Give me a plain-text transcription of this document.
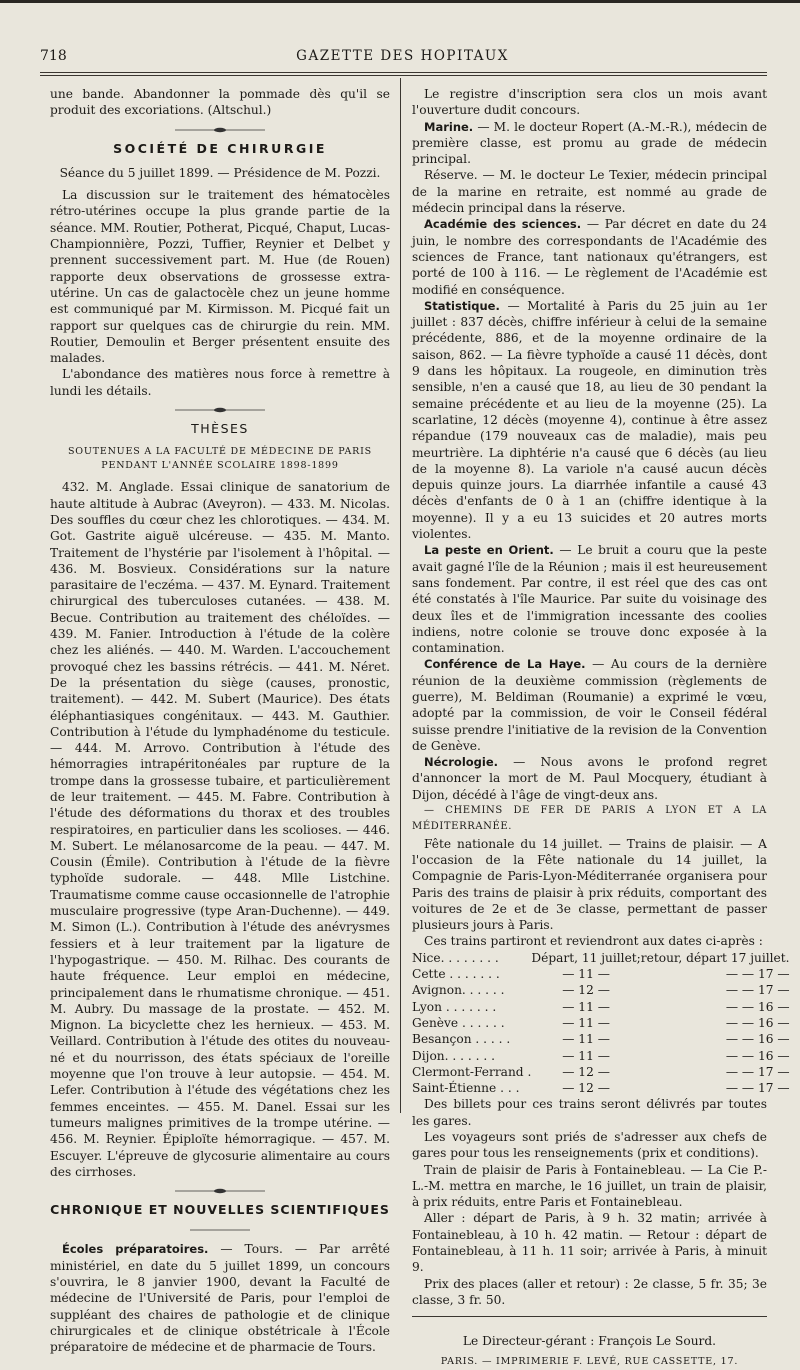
718	GAZETTE DES HOPITAUX

une bande. Abandonner la pommade dès qu'il se produit des excoriations. (Altschul.)

SOCIÉTÉ DE CHIRURGIE
Séance du 5 juillet 1899. — Présidence de M. Pozzi.

La discussion sur le traitement des hématocèles rétro-utérines occupe la plus grande partie de la séance. MM. Routier, Potherat, Picqué, Chaput, Lucas-Championnière, Pozzi, Tuffier, Reynier et Delbet y prennent successivement part. M. Hue (de Rouen) rapporte deux observations de grossesse extra-utérine. Un cas de galactocèle chez un jeune homme est communiqué par M. Kirmisson. M. Picqué fait un rapport sur quelques cas de chirurgie du rein. MM. Routier, Demoulin et Berger présentent ensuite des malades.

L'abondance des matières nous force à remettre à lundi les détails.

THÈSES
SOUTENUES A LA FACULTÉ DE MÉDECINE DE PARIS
PENDANT L'ANNÉE SCOLAIRE 1898-1899

432. M. Anglade. Essai clinique de sanatorium de haute altitude à Aubrac (Aveyron). — 433. M. Nicolas. Des souffles du cœur chez les chlorotiques. — 434. M. Got. Gastrite aiguë ulcéreuse. — 435. M. Manto. Traitement de l'hystérie par l'isolement à l'hôpital. — 436. M. Bosvieux. Considérations sur la nature parasitaire de l'eczéma. — 437. M. Eynard. Traitement chirurgical des tuberculoses cutanées. — 438. M. Becue. Contribution au traitement des chéloïdes. — 439. M. Fanier. Introduction à l'étude de la colère chez les aliénés. — 440. M. Warden. L'accouchement provoqué chez les bassins rétrécis. — 441. M. Néret. De la présentation du siège (causes, pronostic, traitement). — 442. M. Subert (Maurice). Des états éléphantiasiques congénitaux. — 443. M. Gauthier. Contribution à l'étude du lymphadénome du testicule. — 444. M. Arrovo. Contribution à l'étude des hémorragies intrapéritonéales par rupture de la trompe dans la grossesse tubaire, et particulièrement de leur traitement. — 445. M. Fabre. Contribution à l'étude des déformations du thorax et des troubles respiratoires, en particulier dans les scolioses. — 446. M. Subert. Le mélanosarcome de la peau. — 447. M. Cousin (Émile). Contribution à l'étude de la fièvre typhoïde sudorale. — 448. Mlle Listchine. Traumatisme comme cause occasionnelle de l'atrophie musculaire progressive (type Aran-Duchenne). — 449. M. Simon (L.). Contribution à l'étude des anévrysmes fessiers et à leur traitement par la ligature de l'hypogastrique. — 450. M. Rilhac. Des courants de haute fréquence. Leur emploi en médecine, principalement dans le rhumatisme chronique. — 451. M. Aubry. Du massage de la prostate. — 452. M. Mignon. La bicyclette chez les hernieux. — 453. M. Veillard. Contribution à l'étude des otites du nouveau-né et du nourrisson, des états spéciaux de l'oreille moyenne que l'on trouve à leur autopsie. — 454. M. Lefer. Contribution à l'étude des végétations chez les femmes enceintes. — 455. M. Danel. Essai sur les tumeurs malignes primitives de la trompe utérine. — 456. M. Reynier. Épiploïte hémorragique. — 457. M. Escuyer. L'épreuve de glycosurie alimentaire au cours des cirrhoses.

CHRONIQUE ET NOUVELLES SCIENTIFIQUES

Écoles préparatoires. — Tours. — Par arrêté ministériel, en date du 5 juillet 1899, un concours s'ouvrira, le 8 janvier 1900, devant la Faculté de médecine de l'Université de Paris, pour l'emploi de suppléant des chaires de pathologie et de clinique chirurgicales et de clinique obstétricale à l'École préparatoire de médecine et de pharmacie de Tours.

Le registre d'inscription sera clos un mois avant l'ouverture dudit concours.

Marine. — M. le docteur Ropert (A.-M.-R.), médecin de première classe, est promu au grade de médecin principal.

Réserve. — M. le docteur Le Texier, médecin principal de la marine en retraite, est nommé au grade de médecin principal dans la réserve.

Académie des sciences. — Par décret en date du 24 juin, le nombre des correspondants de l'Académie des sciences de France, tant nationaux qu'étrangers, est porté de 100 à 116. — Le règlement de l'Académie est modifié en conséquence.

Statistique. — Mortalité à Paris du 25 juin au 1er juillet : 837 décès, chiffre inférieur à celui de la semaine précédente, 886, et de la moyenne ordinaire de la saison, 862. — La fièvre typhoïde a causé 11 décès, dont 9 dans les hôpitaux. La rougeole, en diminution très sensible, n'en a causé que 18, au lieu de 30 pendant la semaine précédente et au lieu de la moyenne (25). La scarlatine, 12 décès (moyenne 4), continue à être assez répandue (179 nouveaux cas de maladie), mais peu meurtrière. La diphtérie n'a causé que 6 décès (au lieu de la moyenne 8). La variole n'a causé aucun décès depuis quinze jours. La diarrhée infantile a causé 43 décès d'enfants de 0 à 1 an (chiffre identique à la moyenne). Il y a eu 13 suicides et 20 autres morts violentes.

La peste en Orient. — Le bruit a couru que la peste avait gagné l'île de la Réunion ; mais il est heureusement sans fondement. Par contre, il est réel que des cas ont été constatés à l'île Maurice. Par suite du voisinage des deux îles et de l'immigration incessante des coolies indiens, notre colonie se trouve donc exposée à la contamination.

Conférence de La Haye. — Au cours de la dernière réunion de la deuxième commission (règlements de guerre), M. Beldiman (Roumanie) a exprimé le vœu, adopté par la commission, de voir le Conseil fédéral suisse prendre l'initiative de la revision de la Convention de Genève.

Nécrologie. — Nous avons le profond regret d'annoncer la mort de M. Paul Mocquery, étudiant à Dijon, décédé à l'âge de vingt-deux ans.

— CHEMINS DE FER DE PARIS A LYON ET A LA MÉDITERRANÉE.

Fête nationale du 14 juillet. — Trains de plaisir. — A l'occasion de la Fête nationale du 14 juillet, la Compagnie de Paris-Lyon-Méditerranée organisera pour Paris des trains de plaisir à prix réduits, comportant des voitures de 2e et de 3e classe, permettant de passer plusieurs jours à Paris.

Ces trains partiront et reviendront aux dates ci-après :

Nice. . . . . . . .	Départ, 11 juillet;	retour, départ 17 juillet.
Cette . . . . . . .	— 11 —	— — 17 —
Avignon. . . . . .	— 12 —	— — 17 —
Lyon . . . . . . .	— 11 —	— — 16 —
Genève . . . . . .	— 11 —	— — 16 —
Besançon . . . . .	— 11 —	— — 16 —
Dijon. . . . . . .	— 11 —	— — 16 —
Clermont-Ferrand .	— 12 —	— — 17 —
Saint-Étienne . . .	— 12 —	— — 17 —

Des billets pour ces trains seront délivrés par toutes les gares.

Les voyageurs sont priés de s'adresser aux chefs de gares pour tous les renseignements (prix et conditions).

Train de plaisir de Paris à Fontainebleau. — La Cie P.-L.-M. mettra en marche, le 16 juillet, un train de plaisir, à prix réduits, entre Paris et Fontainebleau.

Aller : départ de Paris, à 9 h. 32 matin; arrivée à Fontainebleau, à 10 h. 42 matin. — Retour : départ de Fontainebleau, à 11 h. 11 soir; arrivée à Paris, à minuit 9.

Prix des places (aller et retour) : 2e classe, 5 fr. 35; 3e classe, 3 fr. 50.

Le Directeur-gérant : François Le Sourd.
PARIS. — IMPRIMERIE F. LEVÉ, RUE CASSETTE, 17.
